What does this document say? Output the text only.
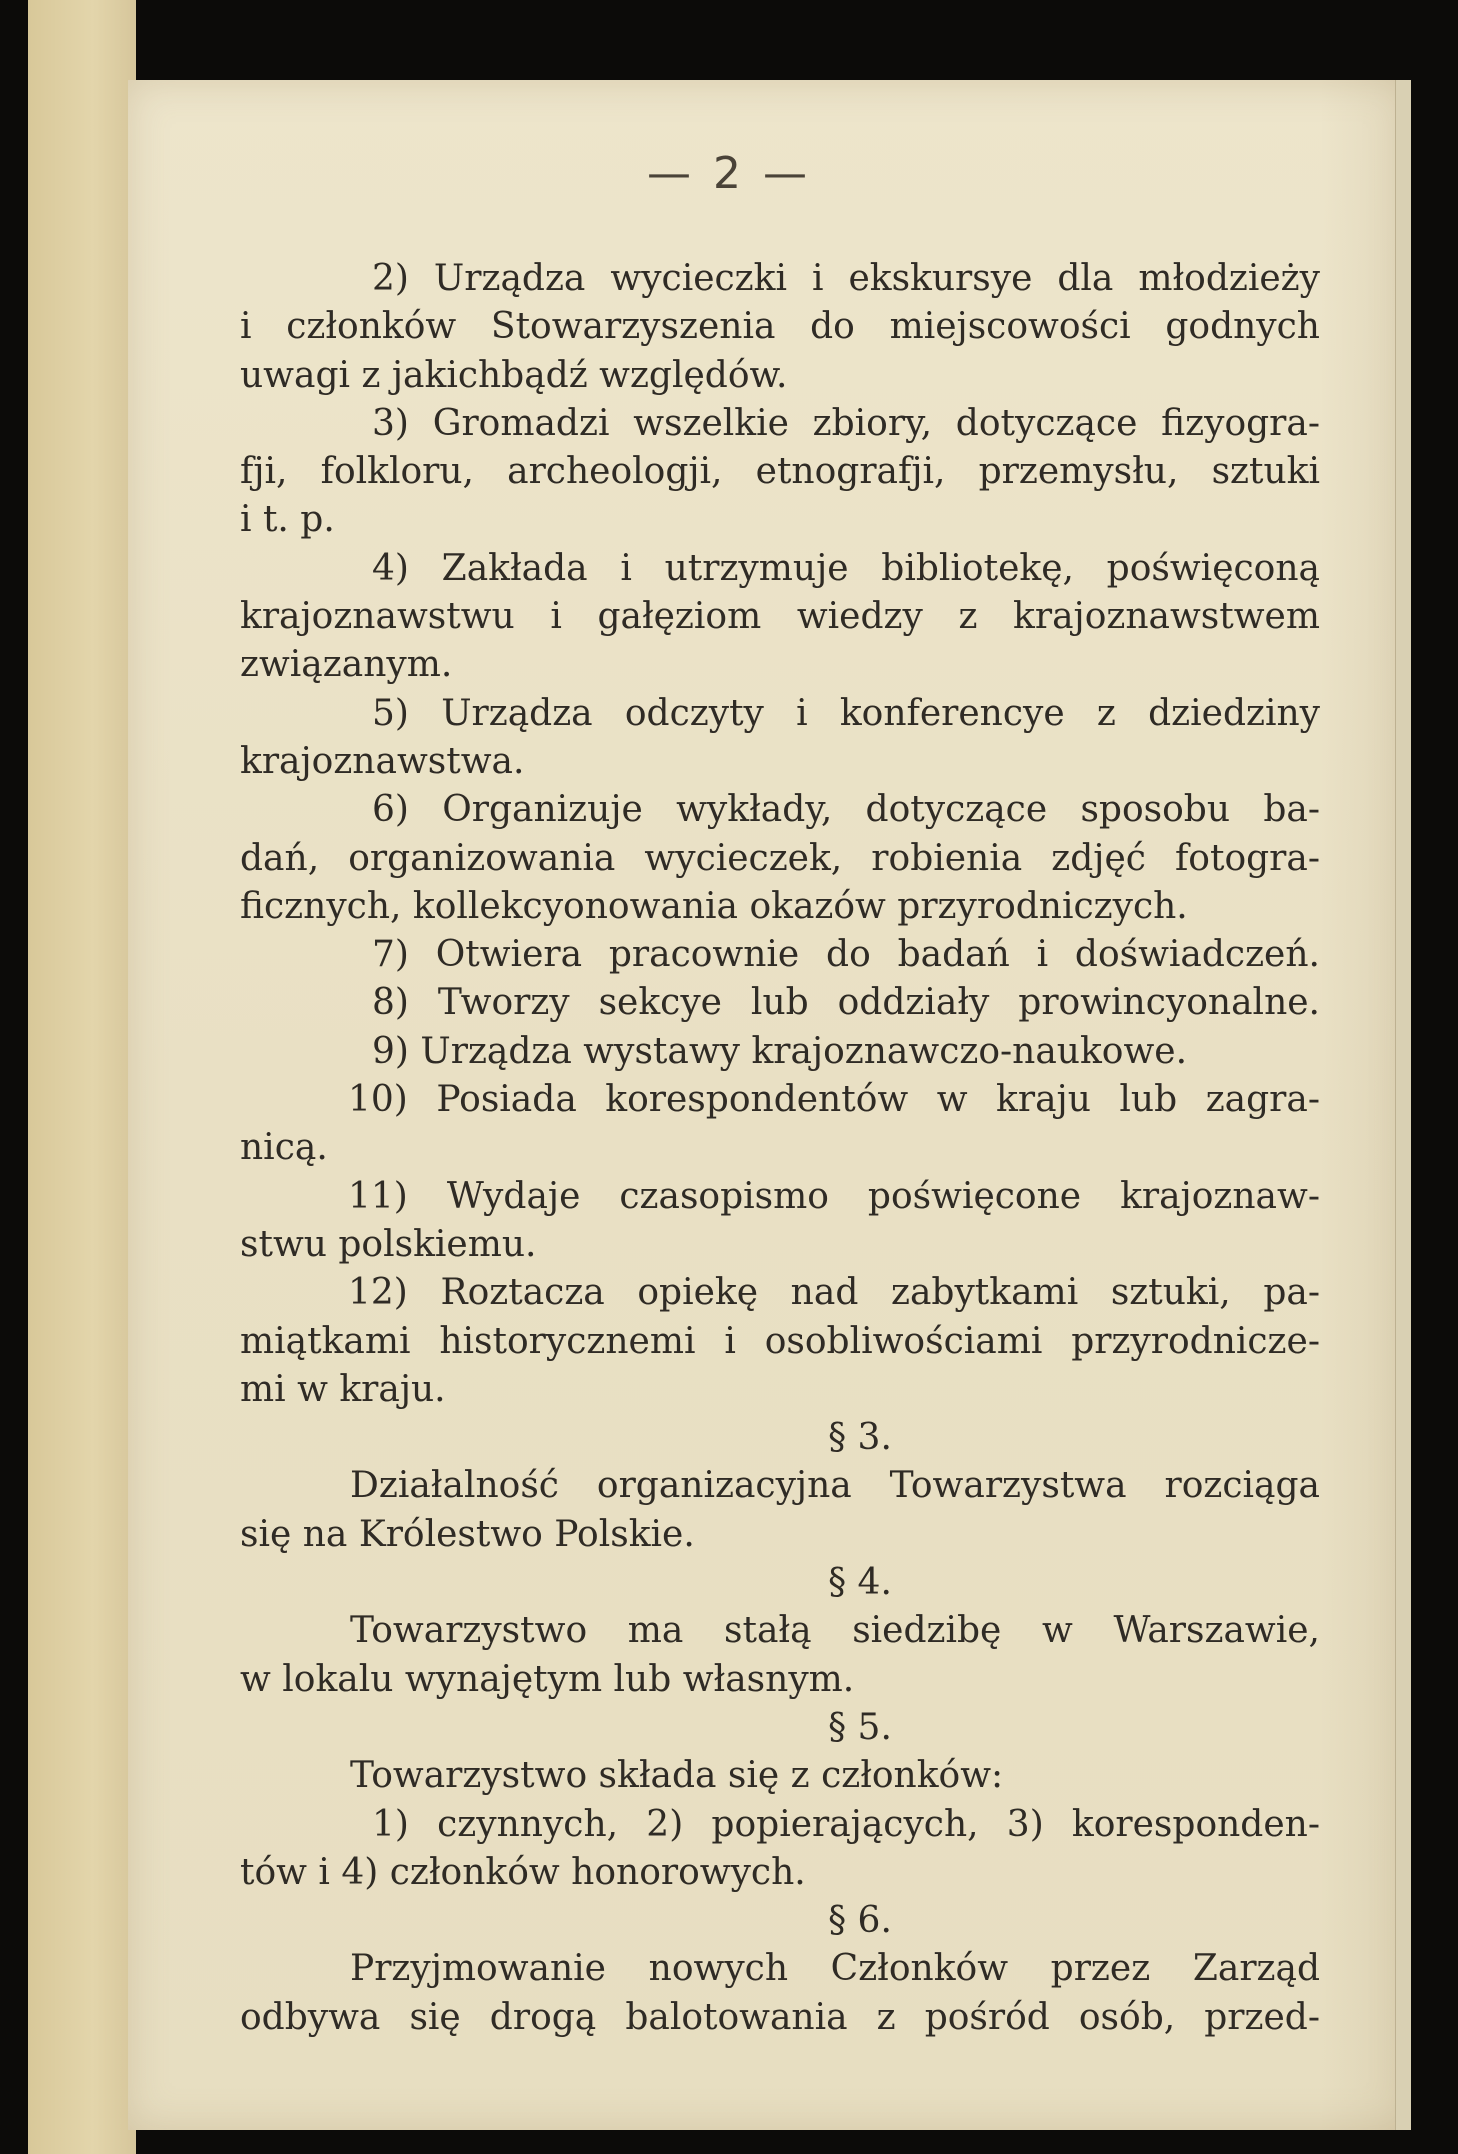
— 2 —
2) Urządza wycieczki i ekskursye dla młodzieży
i członków Stowarzyszenia do miejscowości godnych
uwagi z jakichbądź względów.
3) Gromadzi wszelkie zbiory, dotyczące fizyogra-
fji, folkloru, archeologji, etnografji, przemysłu, sztuki
i t. p.
4) Zakłada i utrzymuje bibliotekę, poświęconą
krajoznawstwu i gałęziom wiedzy z krajoznawstwem
związanym.
5) Urządza odczyty i konferencye z dziedziny
krajoznawstwa.
6) Organizuje wykłady, dotyczące sposobu ba-
dań, organizowania wycieczek, robienia zdjęć fotogra-
ficznych, kollekcyonowania okazów przyrodniczych.
7) Otwiera pracownie do badań i doświadczeń.
8) Tworzy sekcye lub oddziały prowincyonalne.
9) Urządza wystawy krajoznawczo-naukowe.
10) Posiada korespondentów w kraju lub zagra-
nicą.
11) Wydaje czasopismo poświęcone krajoznaw-
stwu polskiemu.
12) Roztacza opiekę nad zabytkami sztuki, pa-
miątkami historycznemi i osobliwościami przyrodnicze-
mi w kraju.
§ 3.
Działalność organizacyjna Towarzystwa rozciąga
się na Królestwo Polskie.
§ 4.
Towarzystwo ma stałą siedzibę w Warszawie,
w lokalu wynajętym lub własnym.
§ 5.
Towarzystwo składa się z członków:
1) czynnych, 2) popierających, 3) koresponden-
tów i 4) członków honorowych.
§ 6.
Przyjmowanie nowych Członków przez Zarząd
odbywa się drogą balotowania z pośród osób, przed-
